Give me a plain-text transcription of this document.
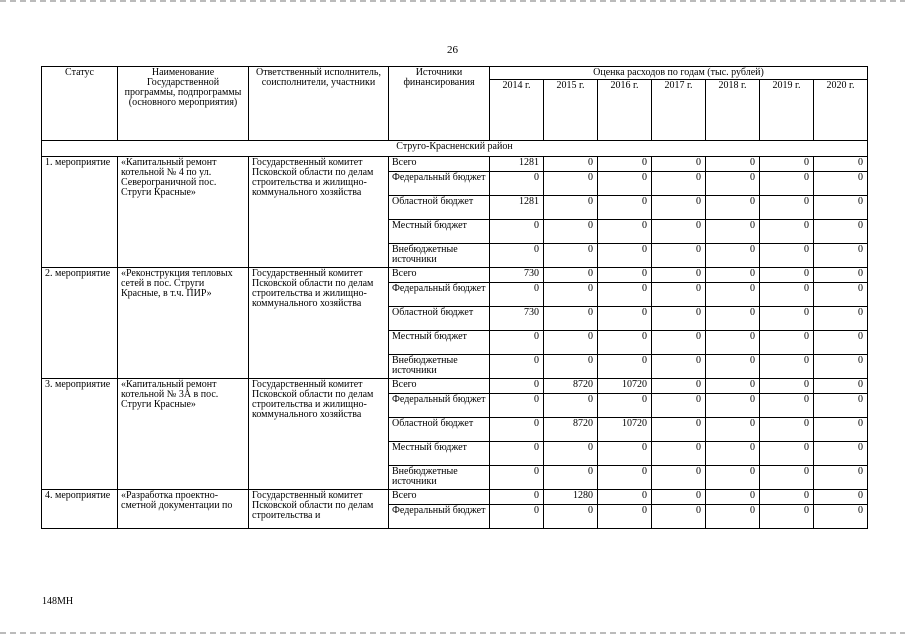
26
Статус	Наименование Государственной программы, подпрограммы (основного мероприятия)	Ответственный исполнитель, соисполнители, участники	Источники финансирования	Оценка расходов по годам (тыс. рублей)						
				2014 г.	2015 г.	2016 г.	2017 г.	2018 г.	2019 г.	2020 г.
Струго-Красненский район										
1. мероприятие	«Капитальный ремонт котельной № 4 по ул. Северограничной пос. Струги Красные»	Государственный комитет Псковской области по делам строительства и жилищно-коммунального хозяйства	Всего	1281	0	0	0	0	0	0
			Федеральный бюджет	0	0	0	0	0	0	0
			Областной бюджет	1281	0	0	0	0	0	0
			Местный бюджет	0	0	0	0	0	0	0
			Внебюджетные источники	0	0	0	0	0	0	0
2. мероприятие	«Реконструкция тепловых сетей в пос. Струги Красные, в т.ч. ПИР»	Государственный комитет Псковской области по делам строительства и жилищно-коммунального хозяйства	Всего	730	0	0	0	0	0	0
			Федеральный бюджет	0	0	0	0	0	0	0
			Областной бюджет	730	0	0	0	0	0	0
			Местный бюджет	0	0	0	0	0	0	0
			Внебюджетные источники	0	0	0	0	0	0	0
3. мероприятие	«Капитальный ремонт котельной № 3А в пос. Струги Красные»	Государственный комитет Псковской области по делам строительства и жилищно-коммунального хозяйства	Всего	0	8720	10720	0	0	0	0
			Федеральный бюджет	0	0	0	0	0	0	0
			Областной бюджет	0	8720	10720	0	0	0	0
			Местный бюджет	0	0	0	0	0	0	0
			Внебюджетные источники	0	0	0	0	0	0	0
4. мероприятие	«Разработка проектно-сметной документации по	Государственный комитет Псковской области по делам строительства и	Всего	0	1280	0	0	0	0	0
			Федеральный бюджет	0	0	0	0	0	0	0
148МН
